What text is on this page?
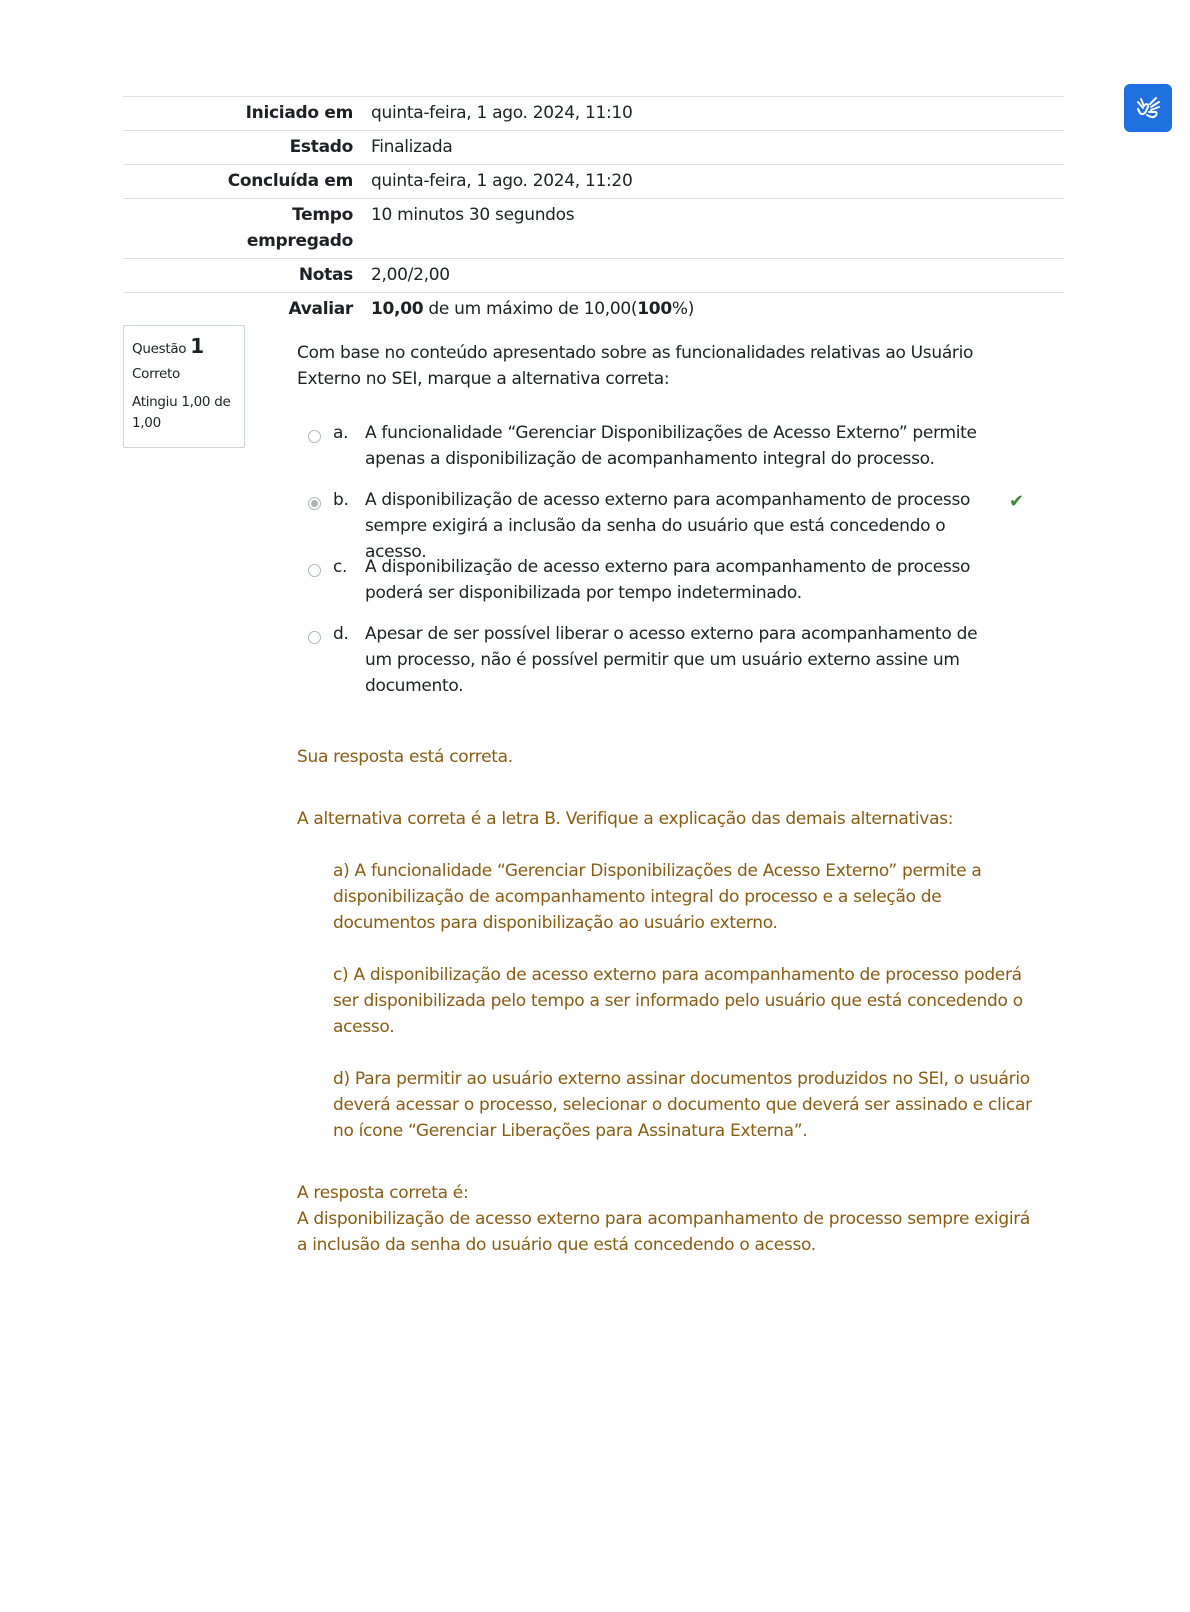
Iniciado em	quinta-feira, 1 ago. 2024, 11:10
Estado	Finalizada
Concluída em	quinta-feira, 1 ago. 2024, 11:20
Tempo empregado	10 minutos 30 segundos
Notas	2,00/2,00
Avaliar	10,00 de um máximo de 10,00(100%)
Questão 1
Correto
Atingiu 1,00 de 1,00
Com base no conteúdo apresentado sobre as funcionalidades relativas ao Usuário Externo no SEI, marque a alternativa correta:
a. A funcionalidade “Gerenciar Disponibilizações de Acesso Externo” permite apenas a disponibilização de acompanhamento integral do processo.
b. A disponibilização de acesso externo para acompanhamento de processo sempre exigirá a inclusão da senha do usuário que está concedendo o acesso.
✔
c. A disponibilização de acesso externo para acompanhamento de processo poderá ser disponibilizada por tempo indeterminado.
d. Apesar de ser possível liberar o acesso externo para acompanhamento de um processo, não é possível permitir que um usuário externo assine um documento.

Sua resposta está correta.

A alternativa correta é a letra B. Verifique a explicação das demais alternativas:

a) A funcionalidade “Gerenciar Disponibilizações de Acesso Externo” permite a disponibilização de acompanhamento integral do processo e a seleção de documentos para disponibilização ao usuário externo.

c) A disponibilização de acesso externo para acompanhamento de processo poderá ser disponibilizada pelo tempo a ser informado pelo usuário que está concedendo o acesso.

d) Para permitir ao usuário externo assinar documentos produzidos no SEI, o usuário deverá acessar o processo, selecionar o documento que deverá ser assinado e clicar no ícone “Gerenciar Liberações para Assinatura Externa”.

A resposta correta é:

A disponibilização de acesso externo para acompanhamento de processo sempre exigirá a inclusão da senha do usuário que está concedendo o acesso.
